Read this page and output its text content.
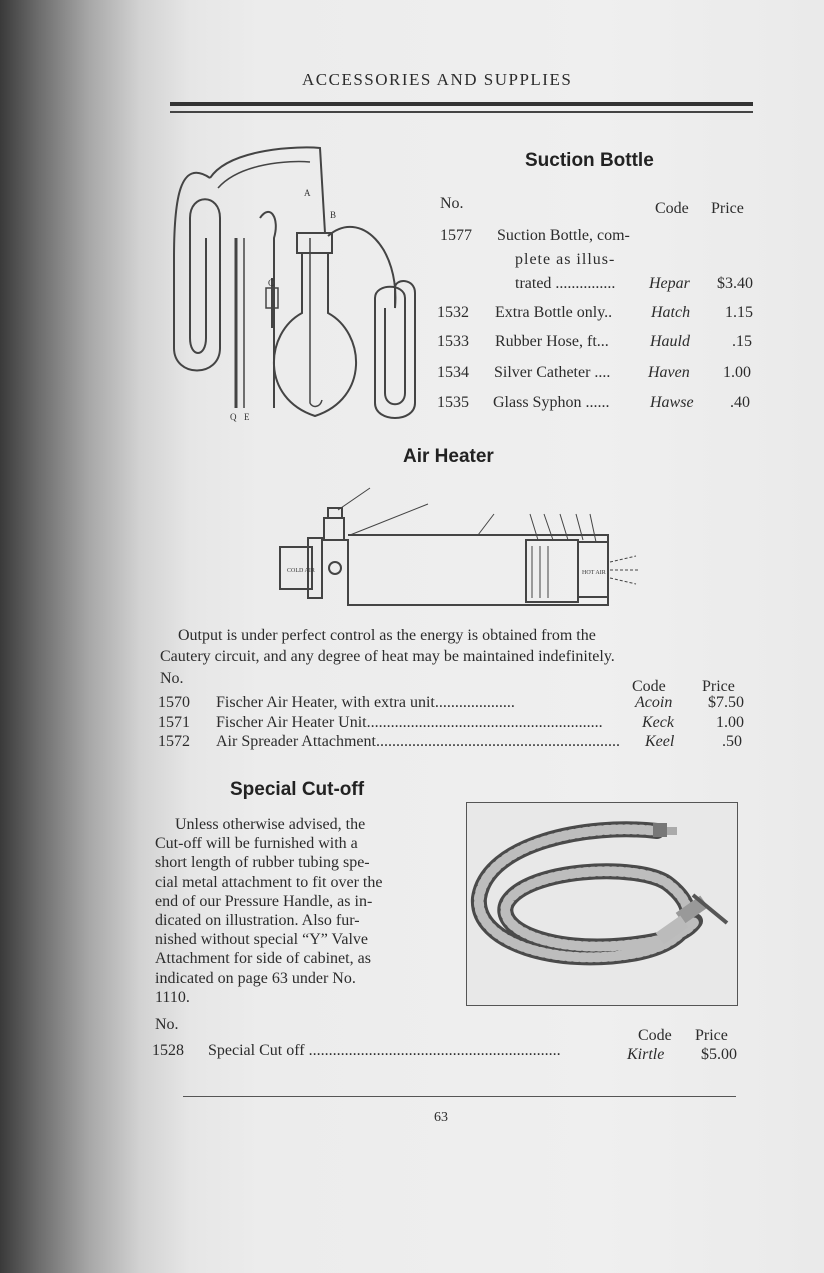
ACCESSORIES AND SUPPLIES
A
B
C
Q E
Suction Bottle
No.	Code Price
1577 Suction Bottle, com-
plete as illus-
trated ............... Hepar	$3.40
1532 Extra Bottle only.. Hatch	1.15
1533 Rubber Hose, ft...	Hauld	.15
1534 Silver Catheter .... Haven	1.00
1535 Glass Syphon ......	Hawse	.40
Air Heater
COLD AIR	HOT AIR
Output is under perfect control as the energy is obtained from the
Cautery circuit, and any degree of heat may be maintained indefinitely.
No.	Code Price
1570 Fischer Air Heater, with extra unit....................	Acoin	$7.50
1571 Fischer Air Heater Unit...........................................................	Keck	1.00
1572 Air Spreader Attachment.............................................................	Keel	.50
Special Cut-off
Unless otherwise advised, the
Cut-off will be furnished with a
short length of rubber tubing spe-
cial metal attachment to fit over the
end of our Pressure Handle, as in-
dicated on illustration. Also fur-
nished without special “Y” Valve
Attachment for side of cabinet, as
indicated on page 63 under No.
1110.
No.
Code Price
1528 Special Cut off ...............................................................	Kirtle	$5.00
63
